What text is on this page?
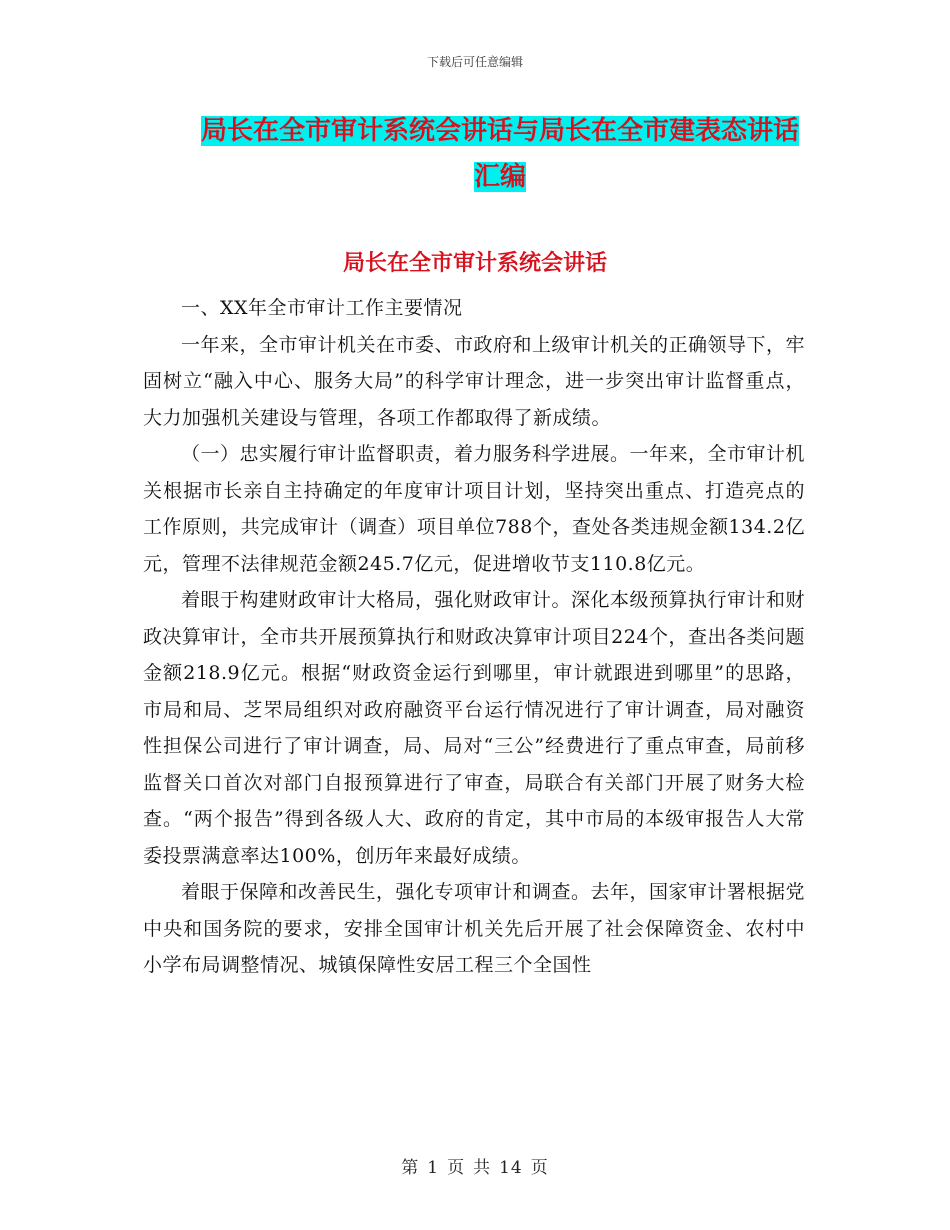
下载后可任意编辑
局长在全市审计系统会讲话与局长在全市建表态讲话
汇编
局长在全市审计系统会讲话

一、XX年全市审计工作主要情况

一年来，全市审计机关在市委、市政府和上级审计机关的正确领导下，牢固树立“融入中心、服务大局”的科学审计理念，进一步突出审计监督重点，大力加强机关建设与管理，各项工作都取得了新成绩。

（一）忠实履行审计监督职责，着力服务科学进展。一年来，全市审计机关根据市长亲自主持确定的年度审计项目计划，坚持突出重点、打造亮点的工作原则，共完成审计（调查）项目单位788个，查处各类违规金额134.2亿元，管理不法律规范金额245.7亿元，促进增收节支110.8亿元。

着眼于构建财政审计大格局，强化财政审计。深化本级预算执行审计和财政决算审计，全市共开展预算执行和财政决算审计项目224个，查出各类问题金额218.9亿元。根据“财政资金运行到哪里，审计就跟进到哪里”的思路，市局和局、芝罘局组织对政府融资平台运行情况进行了审计调查，局对融资性担保公司进行了审计调查，局、局对“三公”经费进行了重点审查，局前移监督关口首次对部门自报预算进行了审查，局联合有关部门开展了财务大检查。“两个报告”得到各级人大、政府的肯定，其中市局的本级审报告人大常委投票满意率达100%，创历年来最好成绩。

着眼于保障和改善民生，强化专项审计和调查。去年，国家审计署根据党中央和国务院的要求，安排全国审计机关先后开展了社会保障资金、农村中小学布局调整情况、城镇保障性安居工程三个全国性

第 1 页 共 14 页
